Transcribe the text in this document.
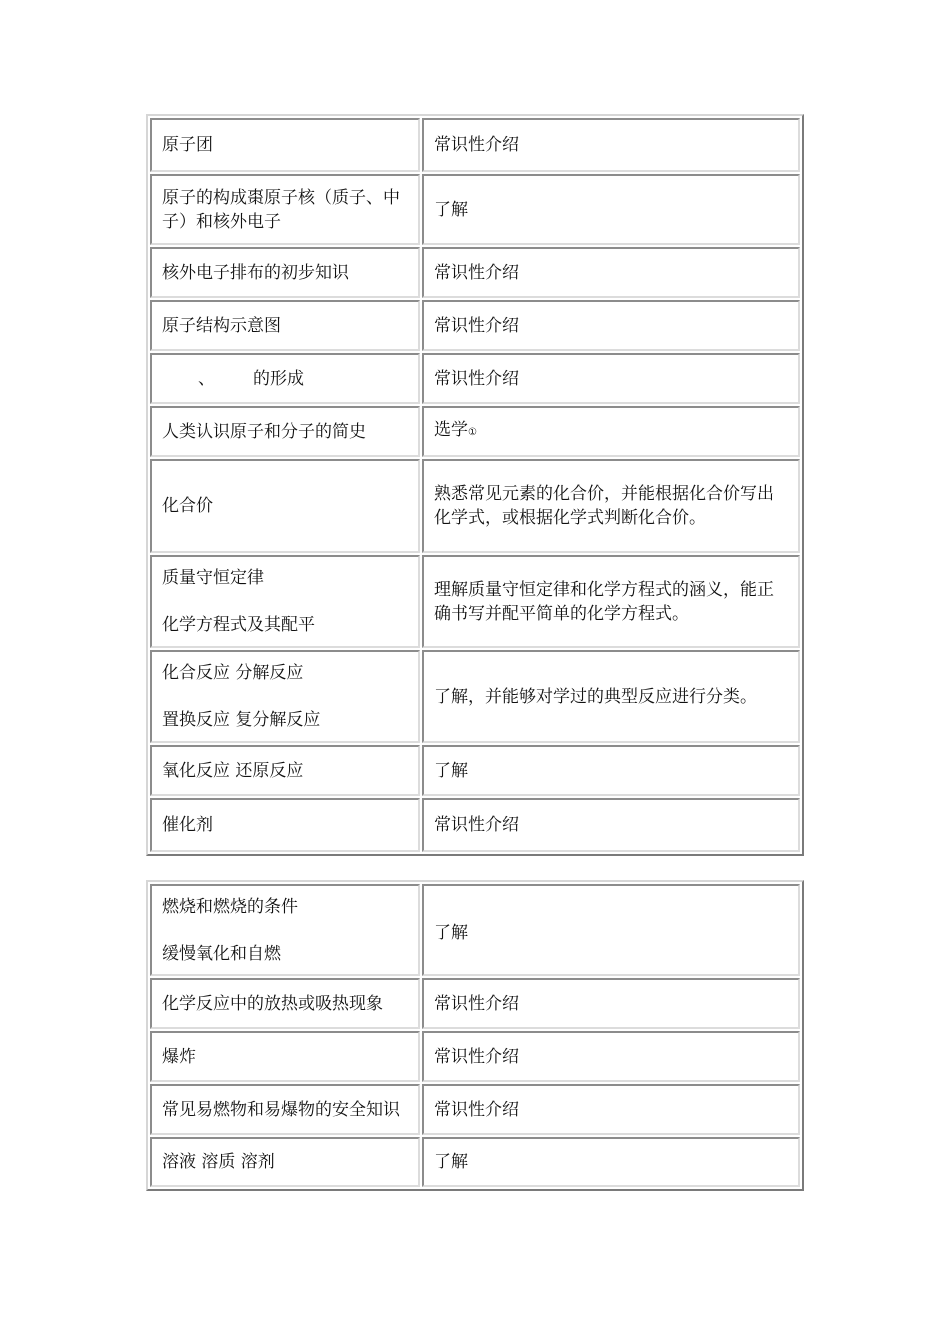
原子团	常识性介绍
原子的构成棗原子核（质子、中子）和核外电子	了解
核外电子排布的初步知识	常识性介绍
原子结构示意图	常识性介绍
、 的形成	常识性介绍
人类认识原子和分子的简史	选学①
化合价	熟悉常见元素的化合价，并能根据化合价写出化学式，或根据化学式判断化合价。

质量守恒定律

化学方程式及其配平	理解质量守恒定律和化学方程式的涵义，能正确书写并配平简单的化学方程式。

化合反应 分解反应

置换反应 复分解反应	了解，并能够对学过的典型反应进行分类。
氧化反应 还原反应	了解
催化剂	常识性介绍

燃烧和燃烧的条件

缓慢氧化和自燃	了解
化学反应中的放热或吸热现象	常识性介绍
爆炸	常识性介绍
常见易燃物和易爆物的安全知识	常识性介绍
溶液 溶质 溶剂	了解
